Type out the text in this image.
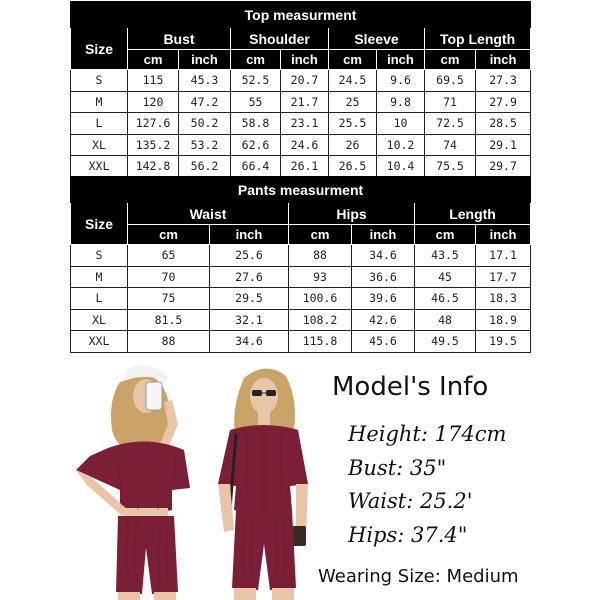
Top measurment								
Size	Bust		Shoulder		Sleeve		Top Length	
	cm	inch	cm	inch	cm	inch	cm	inch
S	115	45.3	52.5	20.7	24.5	9.6	69.5	27.3
M	120	47.2	55	21.7	25	9.8	71	27.9
L	127.6	50.2	58.8	23.1	25.5	10	72.5	28.5
XL	135.2	53.2	62.6	24.6	26	10.2	74	29.1
XXL	142.8	56.2	66.4	26.1	26.5	10.4	75.5	29.7
Pants measurment						
Size	Waist		Hips		Length	
	cm	inch	cm	inch	cm	inch
S	65	25.6	88	34.6	43.5	17.1
M	70	27.6	93	36.6	45	17.7
L	75	29.5	100.6	39.6	46.5	18.3
XL	81.5	32.1	108.2	42.6	48	18.9
XXL	88	34.6	115.8	45.6	49.5	19.5
Model's Info
Height: 174cm
Bust: 35"
Waist: 25.2'
Hips: 37.4"
Wearing Size: Medium
